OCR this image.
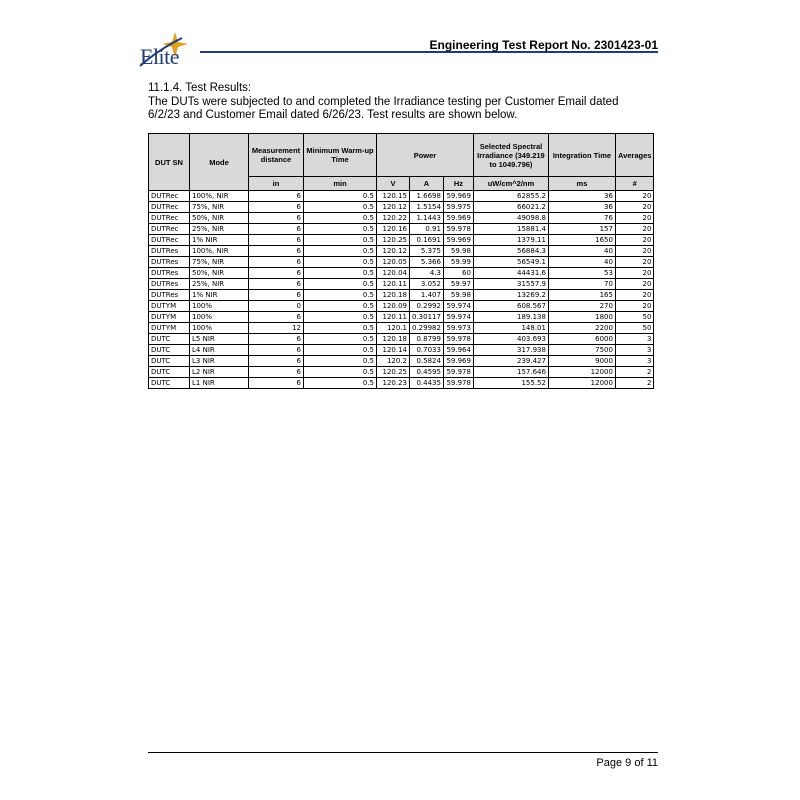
Elite	Engineering Test Report No. 2301423-01
11.1.4. Test Results:
The DUTs were subjected to and completed the Irradiance testing per Customer Email dated 6/2/23 and Customer Email dated 6/26/23. Test results are shown below.
DUT SN	Mode	Measurement distance	Minimum Warm-up Time	Power			Selected Spectral Irradiance (349.219 to 1049.796)	Integration Time	Averages
		in	min	V	A	Hz	uW/cm^2/nm	ms	#
DUTRec	100%, NIR	6	0.5	120.15	1.6698	59.969	62855.2	36	20
DUTRec	75%, NIR	6	0.5	120.12	1.5154	59.975	66021.2	36	20
DUTRec	50%, NIR	6	0.5	120.22	1.1443	59.969	49098.8	76	20
DUTRec	25%, NIR	6	0.5	120.16	0.91	59.978	15881.4	157	20
DUTRec	1% NIR	6	0.5	120.25	0.1691	59.969	1379.11	1650	20
DUTRes	100%, NIR	6	0.5	120.12	5.375	59.98	56884.3	40	20
DUTRes	75%, NIR	6	0.5	120.05	5.366	59.99	56549.1	40	20
DUTRes	50%, NIR	6	0.5	120.04	4.3	60	44431.6	53	20
DUTRes	25%, NIR	6	0.5	120.11	3.052	59.97	31557.9	70	20
DUTRes	1% NIR	6	0.5	120.18	1.407	59.98	13269.2	165	20
DUTYM	100%	0	0.5	120.09	0.2992	59.974	608.567	270	20
DUTYM	100%	6	0.5	120.11	0.30117	59.974	189.138	1800	50
DUTYM	100%	12	0.5	120.1	0.29982	59.973	148.01	2200	50
DUTC	L5 NIR	6	0.5	120.18	0.8799	59.978	403.693	6000	3
DUTC	L4 NIR	6	0.5	120.14	0.7033	59.964	317.938	7500	3
DUTC	L3 NIR	6	0.5	120.2	0.5824	59.969	239.427	9000	3
DUTC	L2 NIR	6	0.5	120.25	0.4595	59.978	157.646	12000	2
DUTC	L1 NIR	6	0.5	120.23	0.4435	59.978	155.52	12000	2
Page 9 of 11
